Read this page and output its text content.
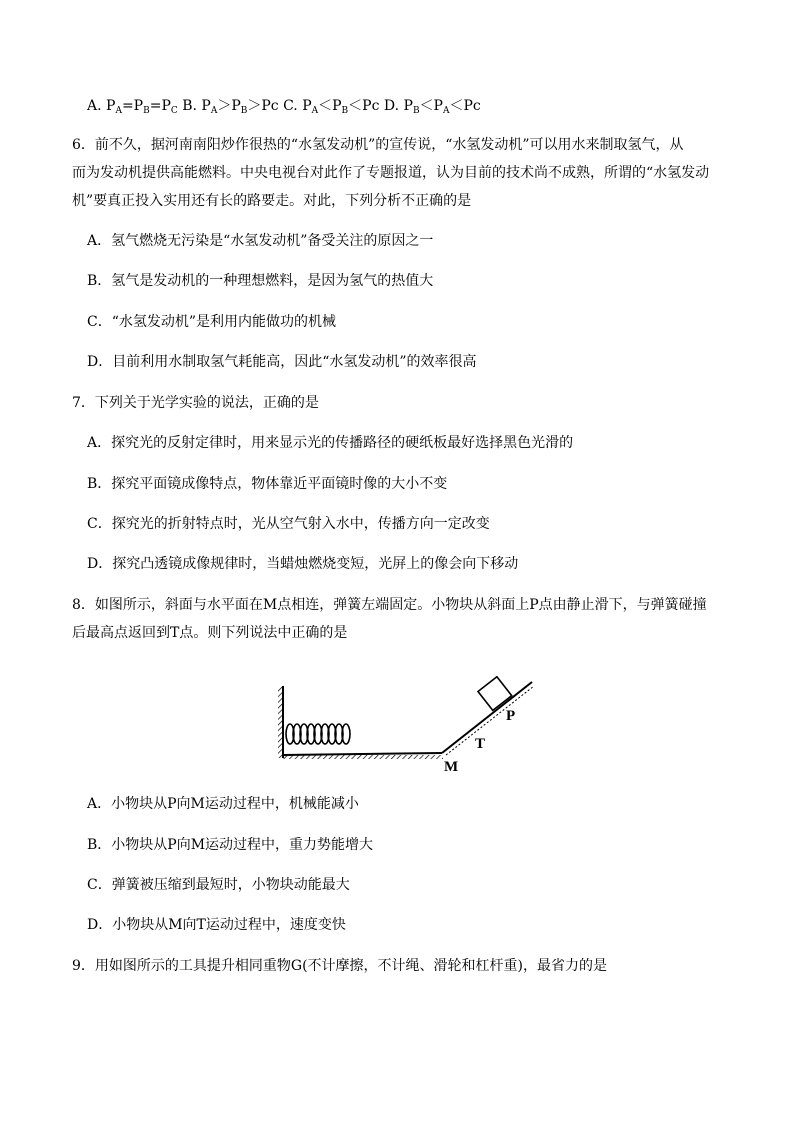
A. $P_A=P_B=P_C$ B. $P_A>P_B>Pc$ C. $P_A<P_B<Pc$ D. $P_B<P_A<Pc$
6．前不久，据河南南阳炒作很热的“水氢发动机”的宣传说，“水氢发动机”可以用水来制取氢气，从
而为发动机提供高能燃料。中央电视台对此作了专题报道，认为目前的技术尚不成熟，所谓的“水氢发动
机”要真正投入实用还有长的路要走。对此，下列分析不正确的是
A．氢气燃烧无污染是“水氢发动机”备受关注的原因之一
B．氢气是发动机的一种理想燃料，是因为氢气的热值大
C．“水氢发动机”是利用内能做功的机械
D．目前利用水制取氢气耗能高，因此“水氢发动机”的效率很高
7．下列关于光学实验的说法，正确的是
A．探究光的反射定律时，用来显示光的传播路径的硬纸板最好选择黑色光滑的
B．探究平面镜成像特点，物体靠近平面镜时像的大小不变
C．探究光的折射特点时，光从空气射入水中，传播方向一定改变
D．探究凸透镜成像规律时，当蜡烛燃烧变短，光屏上的像会向下移动
8．如图所示，斜面与水平面在M点相连，弹簧左端固定。小物块从斜面上P点由静止滑下，与弹簧碰撞
后最高点返回到T点。则下列说法中正确的是
P
T
M
A．小物块从P向M运动过程中，机械能减小
B．小物块从P向M运动过程中，重力势能增大
C．弹簧被压缩到最短时，小物块动能最大
D．小物块从M向T运动过程中，速度变快
9．用如图所示的工具提升相同重物G(不计摩擦，不计绳、滑轮和杠杆重)，最省力的是
